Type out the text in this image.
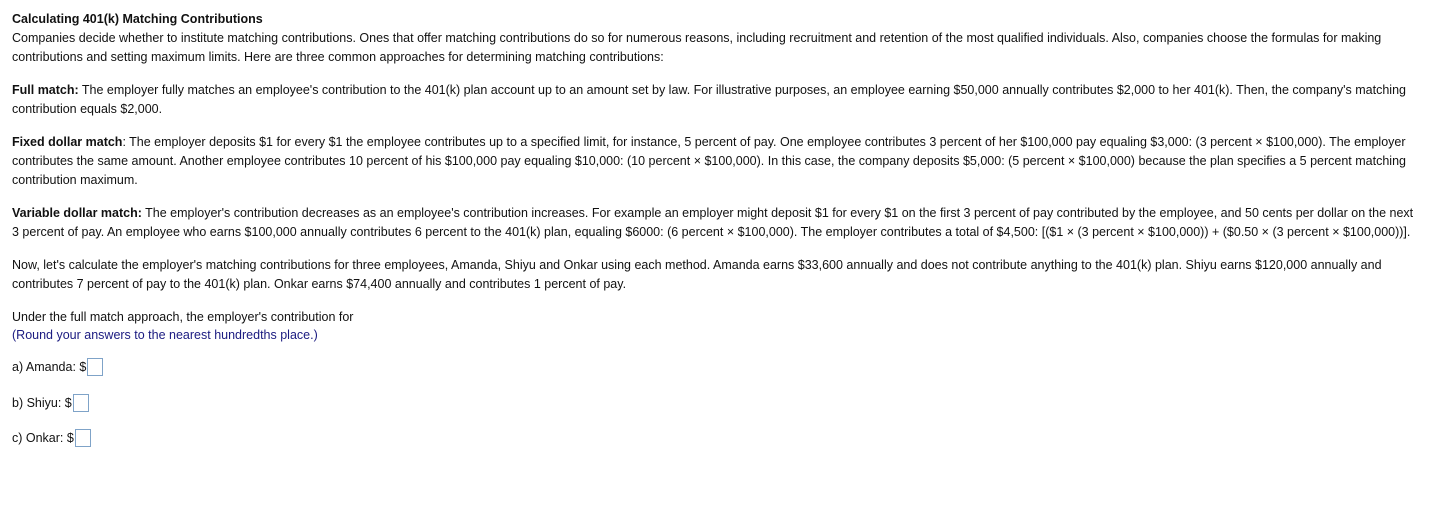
Calculating 401(k) Matching Contributions

Companies decide whether to institute matching contributions. Ones that offer matching contributions do so for numerous reasons, including recruitment and retention of the most qualified individuals. Also, companies choose the formulas for making contributions and setting maximum limits. Here are three common approaches for determining matching contributions:

Full match: The employer fully matches an employee's contribution to the 401(k) plan account up to an amount set by law. For illustrative purposes, an employee earning $50,000 annually contributes $2,000 to her 401(k). Then, the company's matching contribution equals $2,000.

Fixed dollar match: The employer deposits $1 for every $1 the employee contributes up to a specified limit, for instance, 5 percent of pay. One employee contributes 3 percent of her $100,000 pay equaling $3,000: (3 percent × $100,000). The employer contributes the same amount. Another employee contributes 10 percent of his $100,000 pay equaling $10,000: (10 percent × $100,000). In this case, the company deposits $5,000: (5 percent × $100,000) because the plan specifies a 5 percent matching contribution maximum.

Variable dollar match: The employer's contribution decreases as an employee's contribution increases. For example an employer might deposit $1 for every $1 on the first 3 percent of pay contributed by the employee, and 50 cents per dollar on the next 3 percent of pay. An employee who earns $100,000 annually contributes 6 percent to the 401(k) plan, equaling $6000: (6 percent × $100,000). The employer contributes a total of $4,500: [($1 × (3 percent × $100,000)) + ($0.50 × (3 percent × $100,000))].

Now, let's calculate the employer's matching contributions for three employees, Amanda, Shiyu and Onkar using each method. Amanda earns $33,600 annually and does not contribute anything to the 401(k) plan. Shiyu earns $120,000 annually and contributes 7 percent of pay to the 401(k) plan. Onkar earns $74,400 annually and contributes 1 percent of pay.

Under the full match approach, the employer's contribution for

(Round your answers to the nearest hundredths place.)

a) Amanda: $
b) Shiyu: $
c) Onkar: $
